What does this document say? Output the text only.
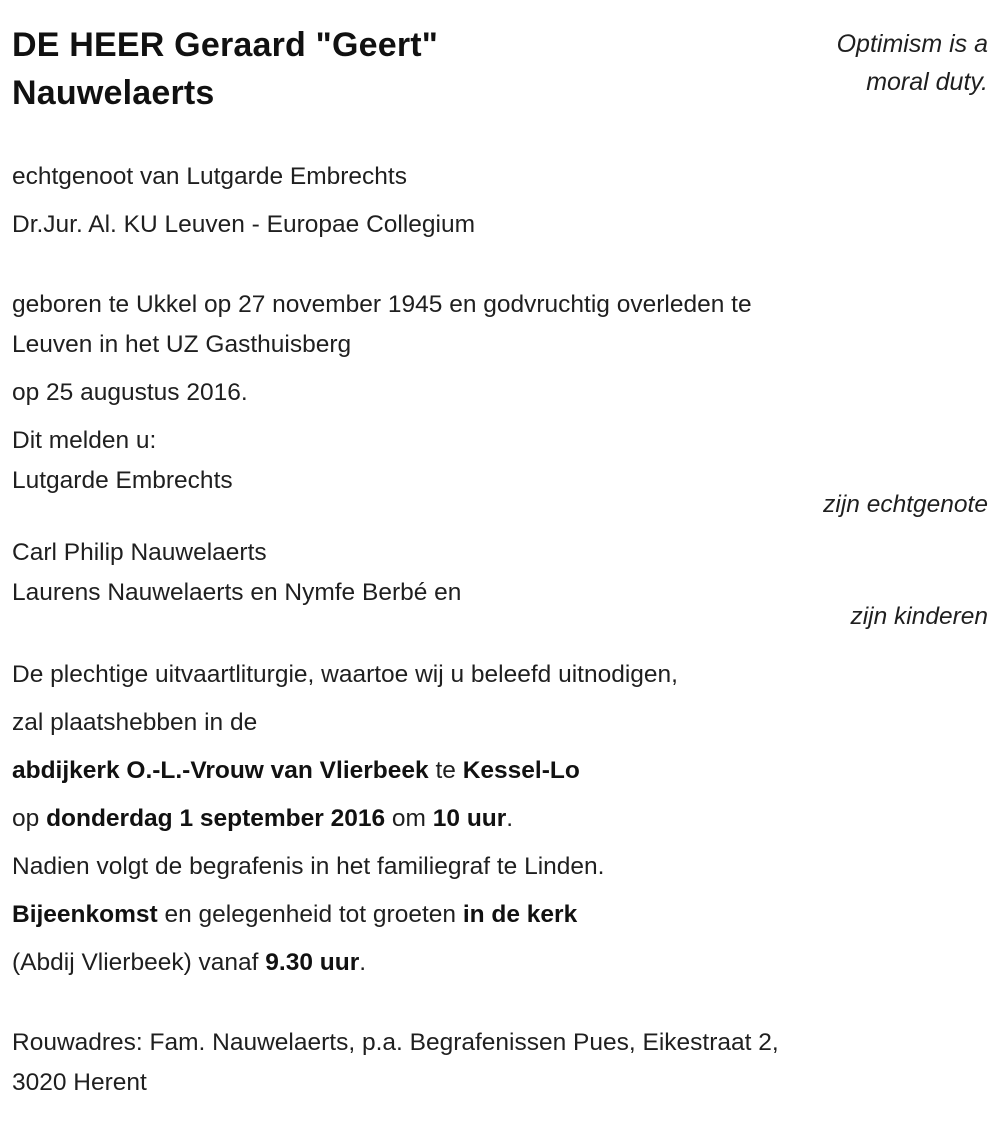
DE HEER Geraard "Geert" Nauwelaerts
Optimism is a
moral duty.
echtgenoot van Lutgarde Embrechts
Dr.Jur. Al. KU Leuven - Europae Collegium
geboren te Ukkel op 27 november 1945 en godvruchtig overleden te
Leuven in het UZ Gasthuisberg
op 25 augustus 2016.
Dit melden u:
Lutgarde Embrechts
zijn echtgenote
Carl Philip Nauwelaerts
Laurens Nauwelaerts en Nymfe Berbé en
zijn kinderen
De plechtige uitvaartliturgie, waartoe wij u beleefd uitnodigen,
zal plaatshebben in de
abdijkerk O.-L.-Vrouw van Vlierbeek te Kessel-Lo
op donderdag 1 september 2016 om 10 uur.
Nadien volgt de begrafenis in het familiegraf te Linden.
Bijeenkomst en gelegenheid tot groeten in de kerk
(Abdij Vlierbeek) vanaf 9.30 uur.
Rouwadres: Fam. Nauwelaerts, p.a. Begrafenissen Pues, Eikestraat 2,
3020 Herent
